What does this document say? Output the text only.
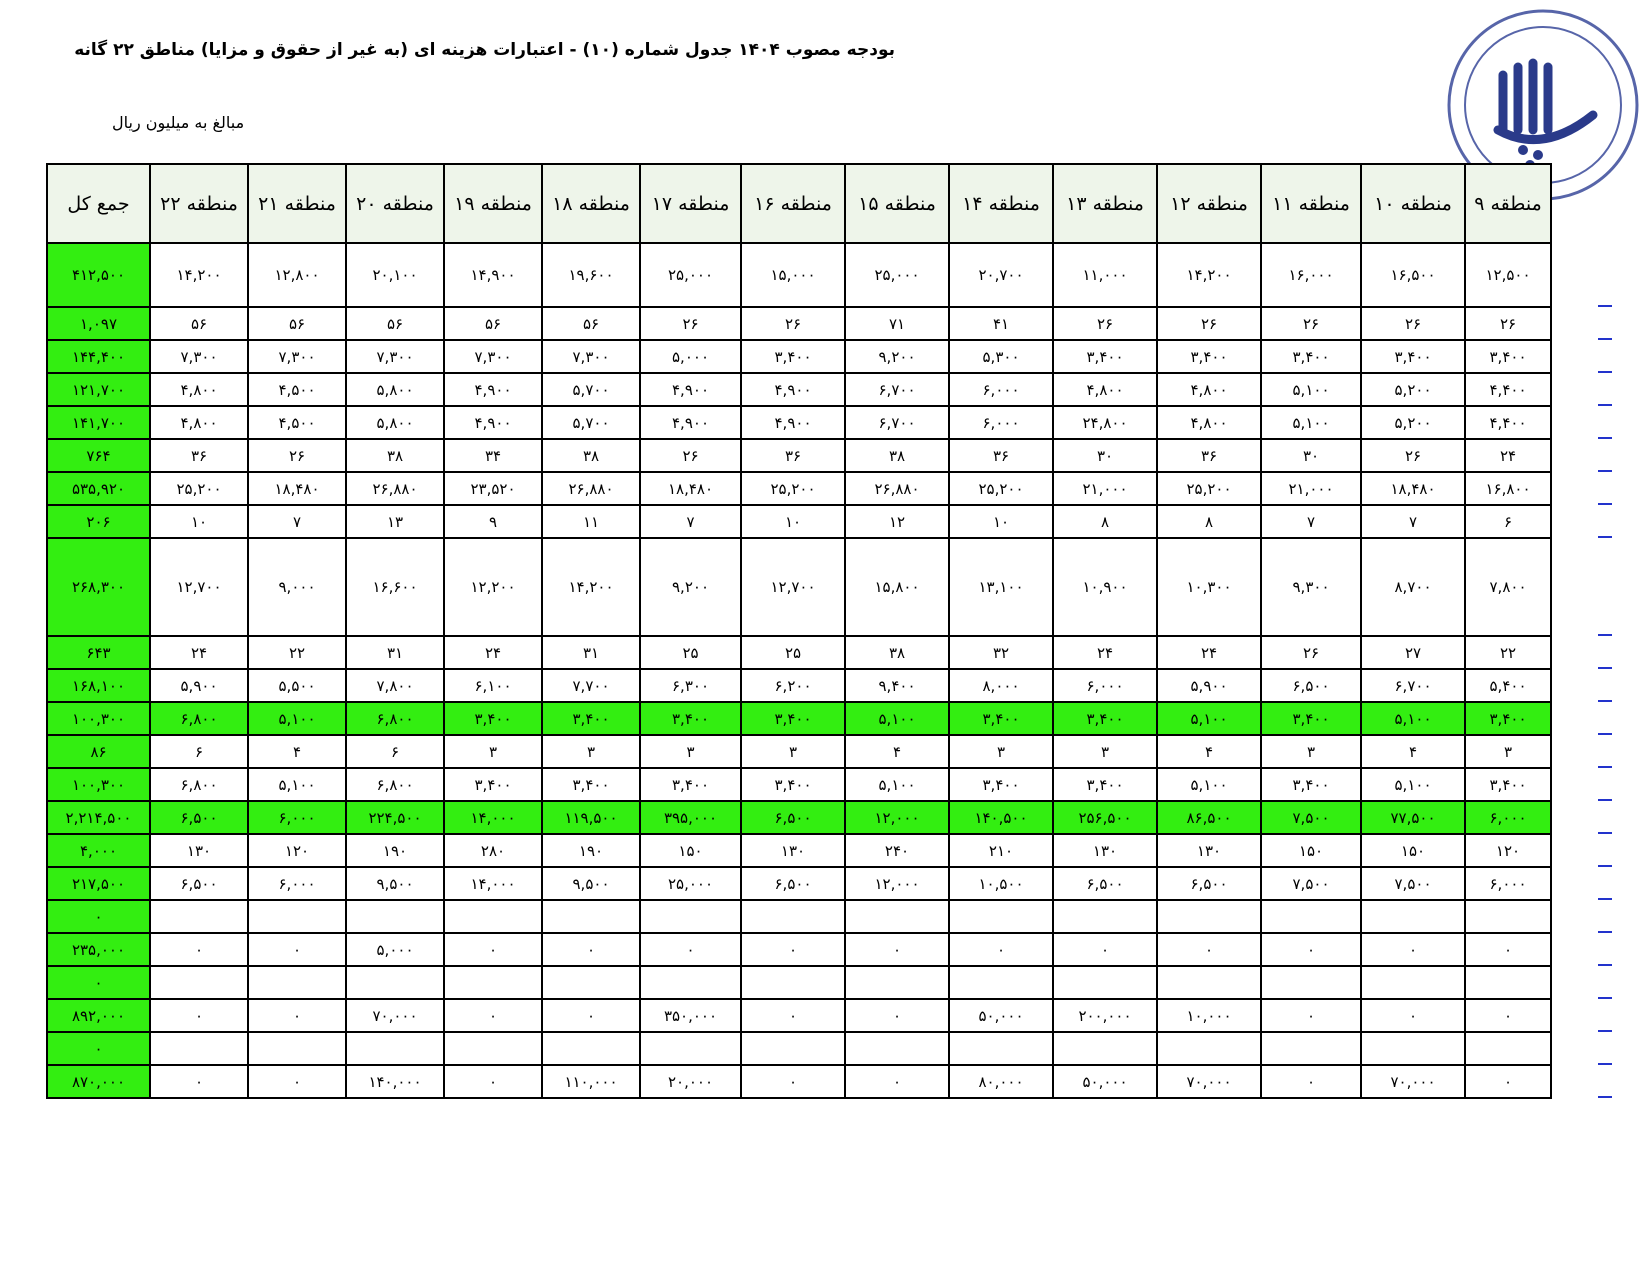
بودجه مصوب ۱۴۰۴ جدول شماره (۱۰) - اعتبارات هزینه ای (به غیر از حقوق و مزایا) مناطق ۲۲ گانه
مبالغ به میلیون ریال
جمع کل	منطقه ۲۲	منطقه ۲۱	منطقه ۲۰	منطقه ۱۹	منطقه ۱۸	منطقه ۱۷	منطقه ۱۶	منطقه ۱۵	منطقه ۱۴	منطقه ۱۳	منطقه ۱۲	منطقه ۱۱	منطقه ۱۰	منطقه ۹
۴۱۲,۵۰۰	۱۴,۲۰۰	۱۲,۸۰۰	۲۰,۱۰۰	۱۴,۹۰۰	۱۹,۶۰۰	۲۵,۰۰۰	۱۵,۰۰۰	۲۵,۰۰۰	۲۰,۷۰۰	۱۱,۰۰۰	۱۴,۲۰۰	۱۶,۰۰۰	۱۶,۵۰۰	۱۲,۵۰۰
۱,۰۹۷	۵۶	۵۶	۵۶	۵۶	۵۶	۲۶	۲۶	۷۱	۴۱	۲۶	۲۶	۲۶	۲۶	۲۶
۱۴۴,۴۰۰	۷,۳۰۰	۷,۳۰۰	۷,۳۰۰	۷,۳۰۰	۷,۳۰۰	۵,۰۰۰	۳,۴۰۰	۹,۲۰۰	۵,۳۰۰	۳,۴۰۰	۳,۴۰۰	۳,۴۰۰	۳,۴۰۰	۳,۴۰۰
۱۲۱,۷۰۰	۴,۸۰۰	۴,۵۰۰	۵,۸۰۰	۴,۹۰۰	۵,۷۰۰	۴,۹۰۰	۴,۹۰۰	۶,۷۰۰	۶,۰۰۰	۴,۸۰۰	۴,۸۰۰	۵,۱۰۰	۵,۲۰۰	۴,۴۰۰
۱۴۱,۷۰۰	۴,۸۰۰	۴,۵۰۰	۵,۸۰۰	۴,۹۰۰	۵,۷۰۰	۴,۹۰۰	۴,۹۰۰	۶,۷۰۰	۶,۰۰۰	۲۴,۸۰۰	۴,۸۰۰	۵,۱۰۰	۵,۲۰۰	۴,۴۰۰
۷۶۴	۳۶	۲۶	۳۸	۳۴	۳۸	۲۶	۳۶	۳۸	۳۶	۳۰	۳۶	۳۰	۲۶	۲۴
۵۳۵,۹۲۰	۲۵,۲۰۰	۱۸,۴۸۰	۲۶,۸۸۰	۲۳,۵۲۰	۲۶,۸۸۰	۱۸,۴۸۰	۲۵,۲۰۰	۲۶,۸۸۰	۲۵,۲۰۰	۲۱,۰۰۰	۲۵,۲۰۰	۲۱,۰۰۰	۱۸,۴۸۰	۱۶,۸۰۰
۲۰۶	۱۰	۷	۱۳	۹	۱۱	۷	۱۰	۱۲	۱۰	۸	۸	۷	۷	۶
۲۶۸,۳۰۰	۱۲,۷۰۰	۹,۰۰۰	۱۶,۶۰۰	۱۲,۲۰۰	۱۴,۲۰۰	۹,۲۰۰	۱۲,۷۰۰	۱۵,۸۰۰	۱۳,۱۰۰	۱۰,۹۰۰	۱۰,۳۰۰	۹,۳۰۰	۸,۷۰۰	۷,۸۰۰
۶۴۳	۲۴	۲۲	۳۱	۲۴	۳۱	۲۵	۲۵	۳۸	۳۲	۲۴	۲۴	۲۶	۲۷	۲۲
۱۶۸,۱۰۰	۵,۹۰۰	۵,۵۰۰	۷,۸۰۰	۶,۱۰۰	۷,۷۰۰	۶,۳۰۰	۶,۲۰۰	۹,۴۰۰	۸,۰۰۰	۶,۰۰۰	۵,۹۰۰	۶,۵۰۰	۶,۷۰۰	۵,۴۰۰
۱۰۰,۳۰۰	۶,۸۰۰	۵,۱۰۰	۶,۸۰۰	۳,۴۰۰	۳,۴۰۰	۳,۴۰۰	۳,۴۰۰	۵,۱۰۰	۳,۴۰۰	۳,۴۰۰	۵,۱۰۰	۳,۴۰۰	۵,۱۰۰	۳,۴۰۰
۸۶	۶	۴	۶	۳	۳	۳	۳	۴	۳	۳	۴	۳	۴	۳
۱۰۰,۳۰۰	۶,۸۰۰	۵,۱۰۰	۶,۸۰۰	۳,۴۰۰	۳,۴۰۰	۳,۴۰۰	۳,۴۰۰	۵,۱۰۰	۳,۴۰۰	۳,۴۰۰	۵,۱۰۰	۳,۴۰۰	۵,۱۰۰	۳,۴۰۰
۲,۲۱۴,۵۰۰	۶,۵۰۰	۶,۰۰۰	۲۲۴,۵۰۰	۱۴,۰۰۰	۱۱۹,۵۰۰	۳۹۵,۰۰۰	۶,۵۰۰	۱۲,۰۰۰	۱۴۰,۵۰۰	۲۵۶,۵۰۰	۸۶,۵۰۰	۷,۵۰۰	۷۷,۵۰۰	۶,۰۰۰
۴,۰۰۰	۱۳۰	۱۲۰	۱۹۰	۲۸۰	۱۹۰	۱۵۰	۱۳۰	۲۴۰	۲۱۰	۱۳۰	۱۳۰	۱۵۰	۱۵۰	۱۲۰
۲۱۷,۵۰۰	۶,۵۰۰	۶,۰۰۰	۹,۵۰۰	۱۴,۰۰۰	۹,۵۰۰	۲۵,۰۰۰	۶,۵۰۰	۱۲,۰۰۰	۱۰,۵۰۰	۶,۵۰۰	۶,۵۰۰	۷,۵۰۰	۷,۵۰۰	۶,۰۰۰
۰														
۲۳۵,۰۰۰	۰	۰	۵,۰۰۰	۰	۰	۰	۰	۰	۰	۰	۰	۰	۰	۰
۰														
۸۹۲,۰۰۰	۰	۰	۷۰,۰۰۰	۰	۰	۳۵۰,۰۰۰	۰	۰	۵۰,۰۰۰	۲۰۰,۰۰۰	۱۰,۰۰۰	۰	۰	۰
۰														
۸۷۰,۰۰۰	۰	۰	۱۴۰,۰۰۰	۰	۱۱۰,۰۰۰	۲۰,۰۰۰	۰	۰	۸۰,۰۰۰	۵۰,۰۰۰	۷۰,۰۰۰	۰	۷۰,۰۰۰	۰
